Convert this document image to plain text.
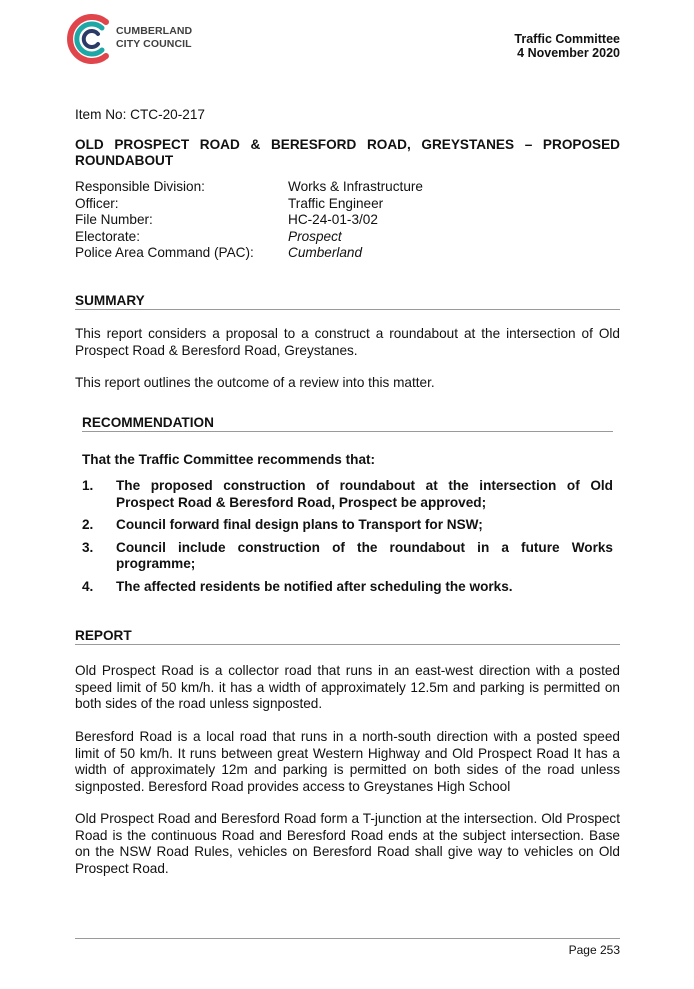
CUMBERLAND
CITY COUNCIL	Traffic Committee
4 November 2020
Item No: CTC-20-217
OLD PROSPECT ROAD & BERESFORD ROAD, GREYSTANES – PROPOSED ROUNDABOUT
Responsible Division:	Works & Infrastructure
Officer:	Traffic Engineer
File Number:	HC-24-01-3/02
Electorate:	Prospect
Police Area Command (PAC):	Cumberland
SUMMARY
This report considers a proposal to a construct a roundabout at the intersection of Old Prospect Road & Beresford Road, Greystanes.
This report outlines the outcome of a review into this matter.
RECOMMENDATION
That the Traffic Committee recommends that:
1.	The proposed construction of roundabout at the intersection of Old Prospect Road & Beresford Road, Prospect be approved;
2.	Council forward final design plans to Transport for NSW;
3.	Council include construction of the roundabout in a future Works programme;
4.	The affected residents be notified after scheduling the works.
REPORT
Old Prospect Road is a collector road that runs in an east-west direction with a posted speed limit of 50 km/h. it has a width of approximately 12.5m and parking is permitted on both sides of the road unless signposted.
Beresford Road is a local road that runs in a north-south direction with a posted speed limit of 50 km/h. It runs between great Western Highway and Old Prospect Road It has a width of approximately 12m and parking is permitted on both sides of the road unless signposted. Beresford Road provides access to Greystanes High School
Old Prospect Road and Beresford Road form a T-junction at the intersection. Old Prospect Road is the continuous Road and Beresford Road ends at the subject intersection. Base on the NSW Road Rules, vehicles on Beresford Road shall give way to vehicles on Old Prospect Road.
Page 253
